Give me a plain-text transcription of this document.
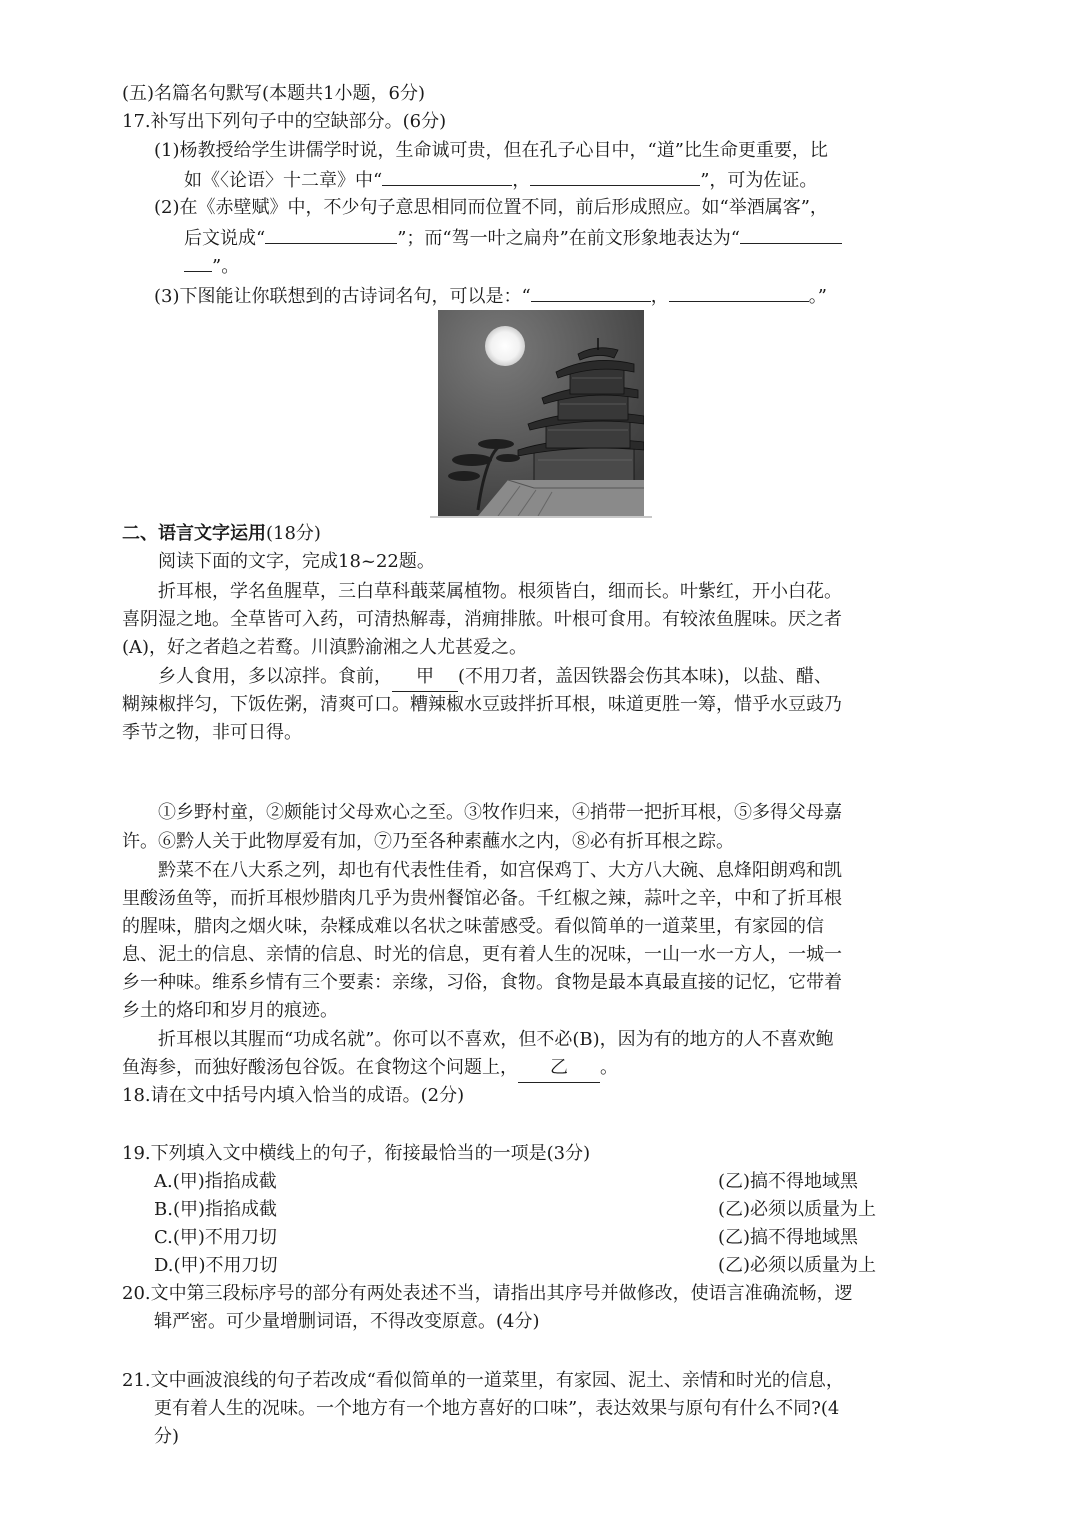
(五)名篇名句默写(本题共1小题，6分)
17.补写出下列句子中的空缺部分。(6分)
(1)杨教授给学生讲儒学时说，生命诚可贵，但在孔子心目中，“道”比生命更重要，比
如《〈论语〉十二章》中“	，	”，可为佐证。
(2)在《赤壁赋》中，不少句子意思相同而位置不同，前后形成照应。如“举酒属客”，
后文说成“	”；而“驾一叶之扁舟”在前文形象地表达为“
”。
(3)下图能让你联想到的古诗词名句，可以是：“	，	。”
二、语言文字运用(18分)
阅读下面的文字，完成18~22题。
折耳根，学名鱼腥草，三白草科蕺菜属植物。根须皆白，细而长。叶紫红，开小白花。
喜阴湿之地。全草皆可入药，可清热解毒，消痈排脓。叶根可食用。有较浓鱼腥味。厌之者
(A)，好之者趋之若鹜。川滇黔渝湘之人尤甚爱之。
乡人食用，多以凉拌。食前， 甲 (不用刀者，盖因铁器会伤其本味)，以盐、醋、
糊辣椒拌匀，下饭佐粥，清爽可口。糟辣椒水豆豉拌折耳根，味道更胜一筹，惜乎水豆豉乃
季节之物，非可日得。
①乡野村童，②颇能讨父母欢心之至。③牧作归来，④捎带一把折耳根，⑤多得父母嘉
许。⑥黔人关于此物厚爱有加，⑦乃至各种素蘸水之内，⑧必有折耳根之踪。
黔菜不在八大系之列，却也有代表性佳肴，如宫保鸡丁、大方八大碗、息烽阳朗鸡和凯
里酸汤鱼等，而折耳根炒腊肉几乎为贵州餐馆必备。千红椒之辣，蒜叶之辛，中和了折耳根
的腥味，腊肉之烟火味，杂糅成难以名状之味蕾感受。看似简单的一道菜里，有家园的信
息、泥土的信息、亲情的信息、时光的信息，更有着人生的况味，一山一水一方人，一城一
乡一种味。维系乡情有三个要素：亲缘，习俗，食物。食物是最本真最直接的记忆，它带着
乡土的烙印和岁月的痕迹。
折耳根以其腥而“功成名就”。你可以不喜欢，但不必(B)，因为有的地方的人不喜欢鲍
鱼海参，而独好酸汤包谷饭。在食物这个问题上， 乙 。
18.请在文中括号内填入恰当的成语。(2分)
19.下列填入文中横线上的句子，衔接最恰当的一项是(3分)
A.(甲)指掐成截	(乙)搞不得地域黑
B.(甲)指掐成截	(乙)必须以质量为上
C.(甲)不用刀切	(乙)搞不得地域黑
D.(甲)不用刀切	(乙)必须以质量为上
20.文中第三段标序号的部分有两处表述不当，请指出其序号并做修改，使语言准确流畅，逻
辑严密。可少量增删词语，不得改变原意。(4分)
21.文中画波浪线的句子若改成“看似简单的一道菜里，有家园、泥土、亲情和时光的信息，
更有着人生的况味。一个地方有一个地方喜好的口味”，表达效果与原句有什么不同?(4
分)
